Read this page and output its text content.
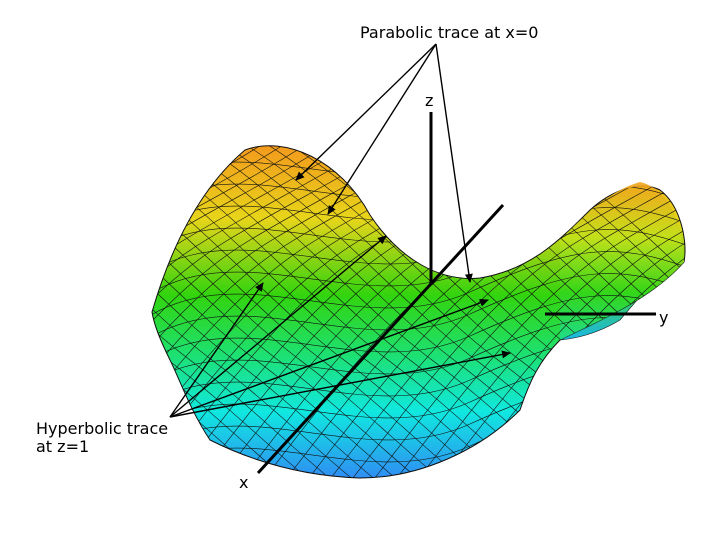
Parabolic trace at x=0
z
y
x
Hyperbolic trace
at z=1
